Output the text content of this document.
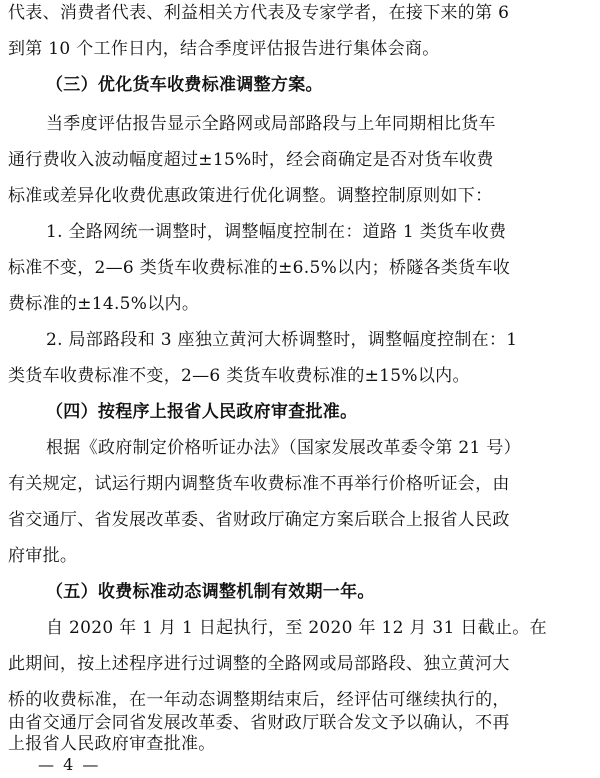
代表、消费者代表、利益相关方代表及专家学者，在接下来的第 6
到第 10 个工作日内，结合季度评估报告进行集体会商。
（三）优化货车收费标准调整方案。
当季度评估报告显示全路网或局部路段与上年同期相比货车
通行费收入波动幅度超过±15%时，经会商确定是否对货车收费
标准或差异化收费优惠政策进行优化调整。调整控制原则如下：
1. 全路网统一调整时，调整幅度控制在：道路 1 类货车收费
标准不变，2—6 类货车收费标准的±6.5%以内；桥隧各类货车收
费标准的±14.5%以内。
2. 局部路段和 3 座独立黄河大桥调整时，调整幅度控制在：1
类货车收费标准不变，2—6 类货车收费标准的±15%以内。
（四）按程序上报省人民政府审查批准。
根据《政府制定价格听证办法》（国家发展改革委令第 21 号）
有关规定，试运行期内调整货车收费标准不再举行价格听证会，由
省交通厅、省发展改革委、省财政厅确定方案后联合上报省人民政
府审批。
（五）收费标准动态调整机制有效期一年。
自 2020 年 1 月 1 日起执行，至 2020 年 12 月 31 日截止。在
此期间，按上述程序进行过调整的全路网或局部路段、独立黄河大
桥的收费标准，在一年动态调整期结束后，经评估可继续执行的，
由省交通厅会同省发展改革委、省财政厅联合发文予以确认，不再
上报省人民政府审查批准。
— 4 —
